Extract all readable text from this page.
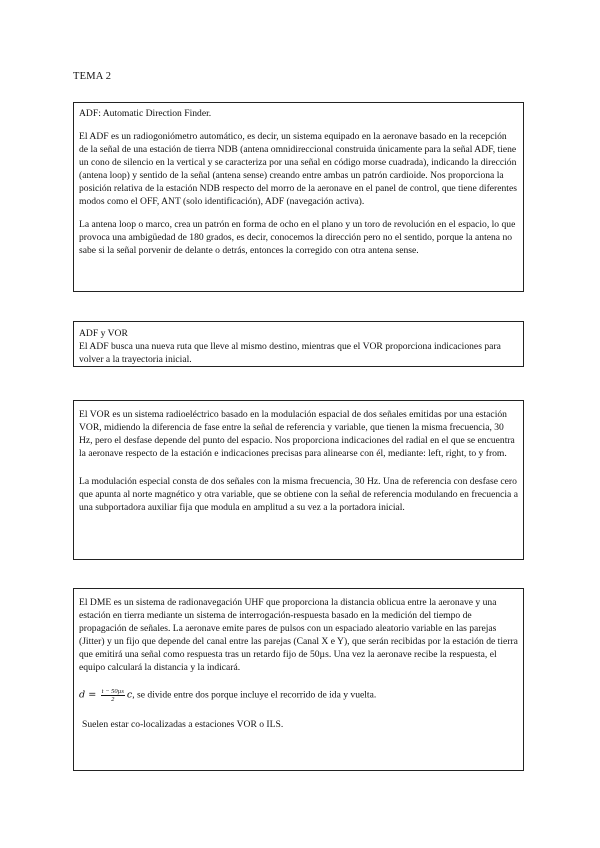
TEMA 2

ADF: Automatic Direction Finder.

El ADF es un radiogoniómetro automático, es decir, un sistema equipado en la aeronave basado en la recepción de la señal de una estación de tierra NDB (antena omnidireccional construida únicamente para la señal ADF, tiene un cono de silencio en la vertical y se caracteriza por una señal en código morse cuadrada), indicando la dirección (antena loop) y sentido de la señal (antena sense) creando entre ambas un patrón cardioide. Nos proporciona la posición relativa de la estación NDB respecto del morro de la aeronave en el panel de control, que tiene diferentes modos como el OFF, ANT (solo identificación), ADF (navegación activa).

La antena loop o marco, crea un patrón en forma de ocho en el plano y un toro de revolución en el espacio, lo que provoca una ambigüedad de 180 grados, es decir, conocemos la dirección pero no el sentido, porque la antena no sabe si la señal porvenir de delante o detrás, entonces la corregido con otra antena sense.

ADF y VOR

El ADF busca una nueva ruta que lleve al mismo destino, mientras que el VOR proporciona indicaciones para volver a la trayectoria inicial.

El VOR es un sistema radioeléctrico basado en la modulación espacial de dos señales emitidas por una estación VOR, midiendo la diferencia de fase entre la señal de referencia y variable, que tienen la misma frecuencia, 30 Hz, pero el desfase depende del punto del espacio. Nos proporciona indicaciones del radial en el que se encuentra la aeronave respecto de la estación e indicaciones precisas para alinearse con él, mediante: left, right, to y from.

La modulación especial consta de dos señales con la misma frecuencia, 30 Hz. Una de referencia con desfase cero que apunta al norte magnético y otra variable, que se obtiene con la señal de referencia modulando en frecuencia a una subportadora auxiliar fija que modula en amplitud a su vez a la portadora inicial.

El DME es un sistema de radionavegación UHF que proporciona la distancia oblicua entre la aeronave y una estación en tierra mediante un sistema de interrogación-respuesta basado en la medición del tiempo de propagación de señales. La aeronave emite pares de pulsos con un espaciado aleatorio variable en las parejas (Jitter) y un fijo que depende del canal entre las parejas (Canal X e Y), que serán recibidas por la estación de tierra que emitirá una señal como respuesta tras un retardo fijo de 50µs. Una vez la aeronave recibe la respuesta, el equipo calculará la distancia y la indicará.

$d = \frac{\text{t − 50µs}}{2} c$, se divide entre dos porque incluye el recorrido de ida y vuelta.

Suelen estar co-localizadas a estaciones VOR o ILS.
